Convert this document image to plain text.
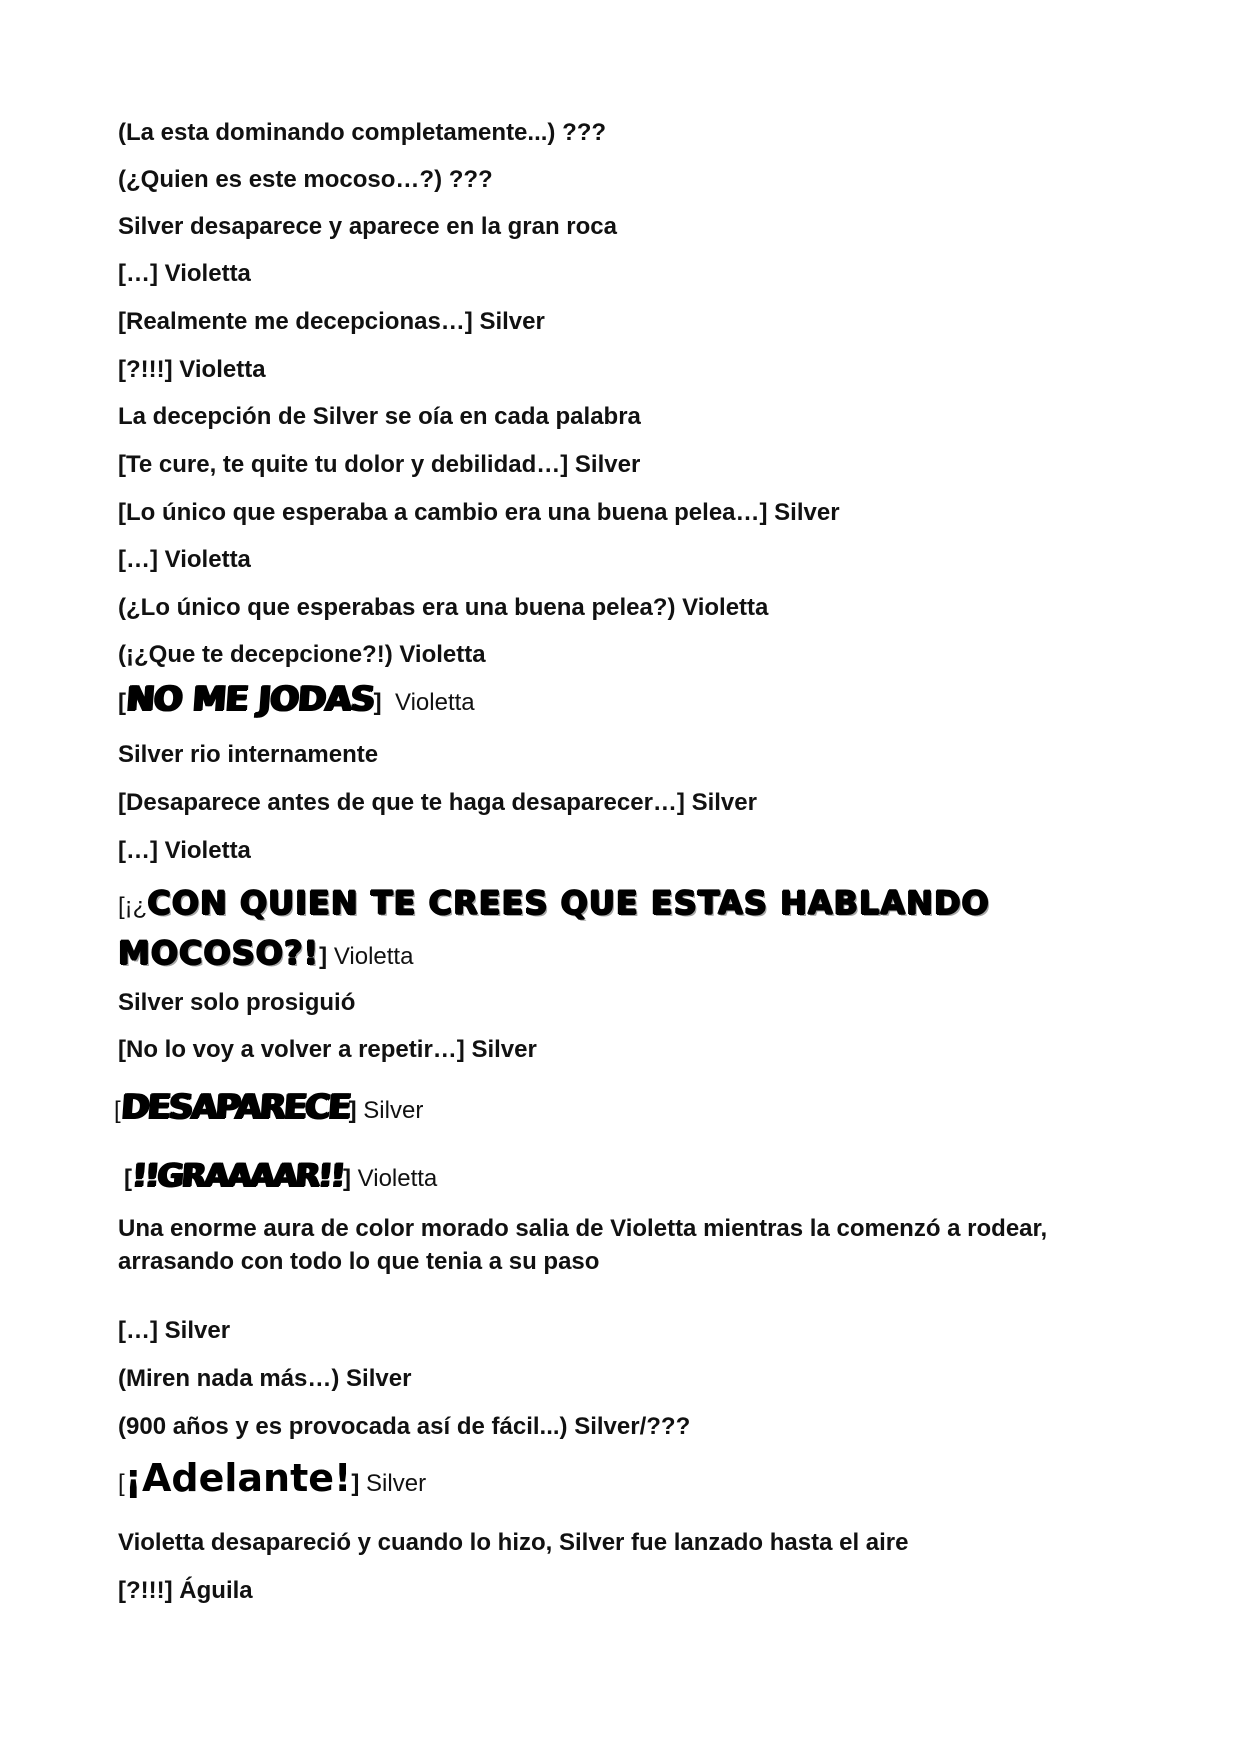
(La esta dominando completamente...) ???

(¿Quien es este mocoso…?) ???

Silver desaparece y aparece en la gran roca

[…] Violetta

[Realmente me decepcionas…] Silver

[?!!!] Violetta

La decepción de Silver se oía en cada palabra

[Te cure, te quite tu dolor y debilidad…] Silver

[Lo único que esperaba a cambio era una buena pelea…] Silver

[…] Violetta

(¿Lo único que esperabas era una buena pelea?) Violetta

(¡¿Que te decepcione?!) Violetta

[NO ME JODAS] Violetta

Silver rio internamente

[Desaparece antes de que te haga desaparecer…] Silver

[…] Violetta

[¡¿CON QUIEN TE CREES QUE ESTAS HABLANDO

MOCOSO?!] Violetta

Silver solo prosiguió

[No lo voy a volver a repetir…] Silver

[DESAPARECE] Silver

[!!GRAAAAR!!] Violetta

Una enorme aura de color morado salia de Violetta mientras la comenzó a rodear, arrasando con todo lo que tenia a su paso

[…] Silver

(Miren nada más…) Silver

(900 años y es provocada así de fácil...) Silver/???

[¡Adelante!] Silver

Violetta desapareció y cuando lo hizo, Silver fue lanzado hasta el aire

[?!!!] Águila
